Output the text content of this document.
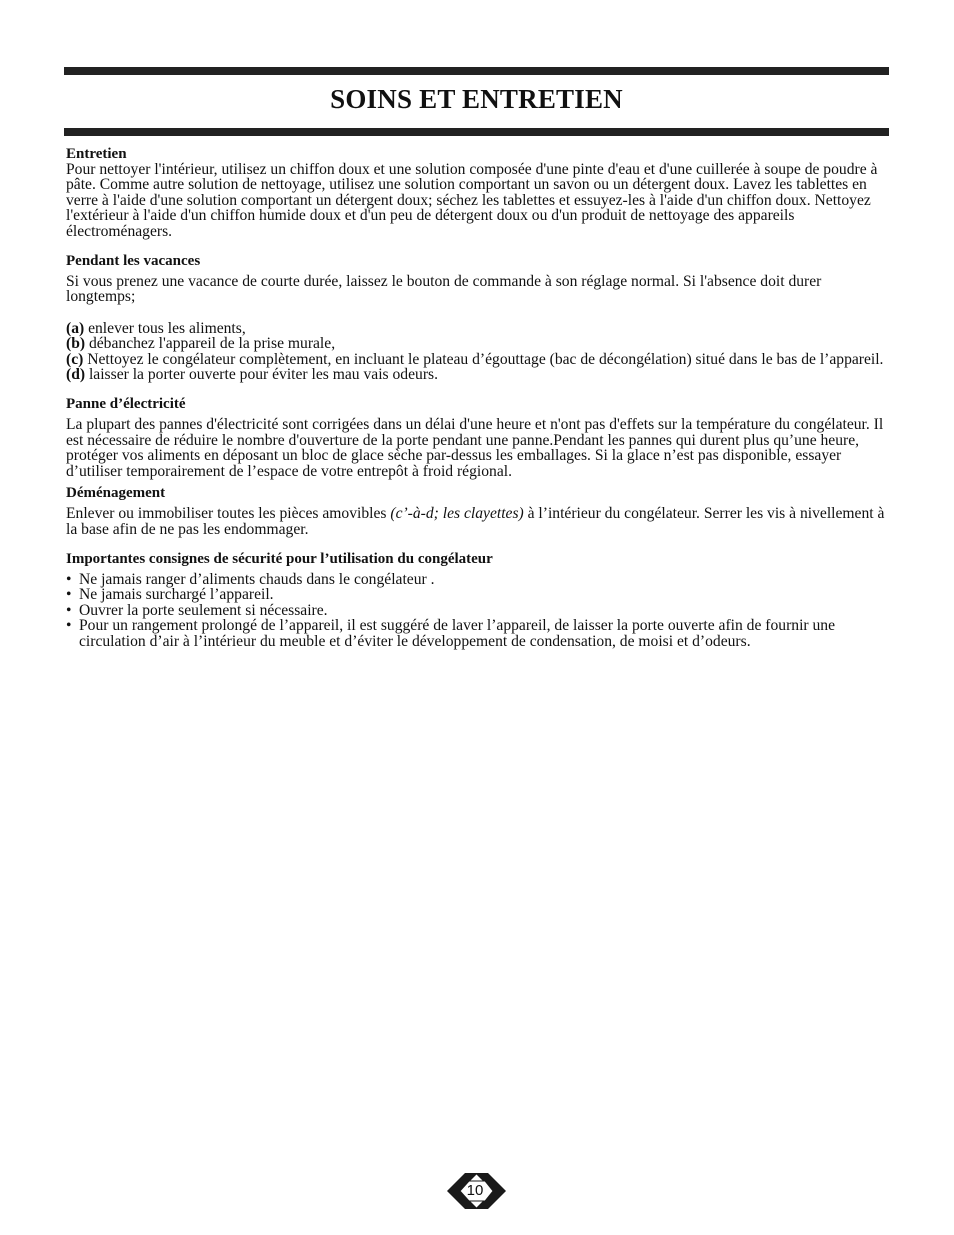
SOINS ET ENTRETIEN
Entretien

Pour nettoyer l'intérieur, utilisez un chiffon doux et une solution composée d'une pinte d'eau et d'une cuillerée à soupe de poudre à pâte. Comme autre solution de nettoyage, utilisez une solution comportant un savon ou un détergent doux. Lavez les tablettes en verre à l'aide d'une solution comportant un détergent doux; séchez les tablettes et essuyez-les à l'aide d'un chiffon doux. Nettoyez l'extérieur à l'aide d'un chiffon humide doux et d'un peu de détergent doux ou d'un produit de nettoyage des appareils électroménagers.

Pendant les vacances

Si vous prenez une vacance de courte durée, laissez le bouton de commande à son réglage normal. Si l'absence doit durer longtemps;

(a) enlever tous les aliments,
(b) débanchez l'appareil de la prise murale,
(c) Nettoyez le congélateur complètement, en incluant le plateau d’égouttage (bac de décongélation) situé dans le bas de l’appareil.
(d) laisser la porter ouverte pour éviter les mau vais odeurs.
Panne d’électricité

La plupart des pannes d'électricité sont corrigées dans un délai d'une heure et n'ont pas d'effets sur la température du congélateur. Il est nécessaire de réduire le nombre d'ouverture de la porte pendant une panne.Pendant les pannes qui durent plus qu’une heure, protéger vos aliments en déposant un bloc de glace sèche par-dessus les emballages. Si la glace n’est pas disponible, essayer d’utiliser temporairement de l’espace de votre entrepôt à froid régional.

Déménagement

Enlever ou immobiliser toutes les pièces amovibles (c’-à-d; les clayettes) à l’intérieur du congélateur. Serrer les vis à nivellement à la base afin de ne pas les endommager.

Importantes consignes de sécurité pour l’utilisation du congélateur
• Ne jamais ranger d’aliments chauds dans le congélateur .
• Ne jamais surchargé l’appareil.
• Ouvrer la porte seulement si nécessaire.
• Pour un rangement prolongé de l’appareil, il est suggéré de laver l’appareil, de laisser la porte ouverte afin de fournir une circulation d’air à l’intérieur du meuble et d’éviter le développement de condensation, de moisi et d’odeurs.
10
